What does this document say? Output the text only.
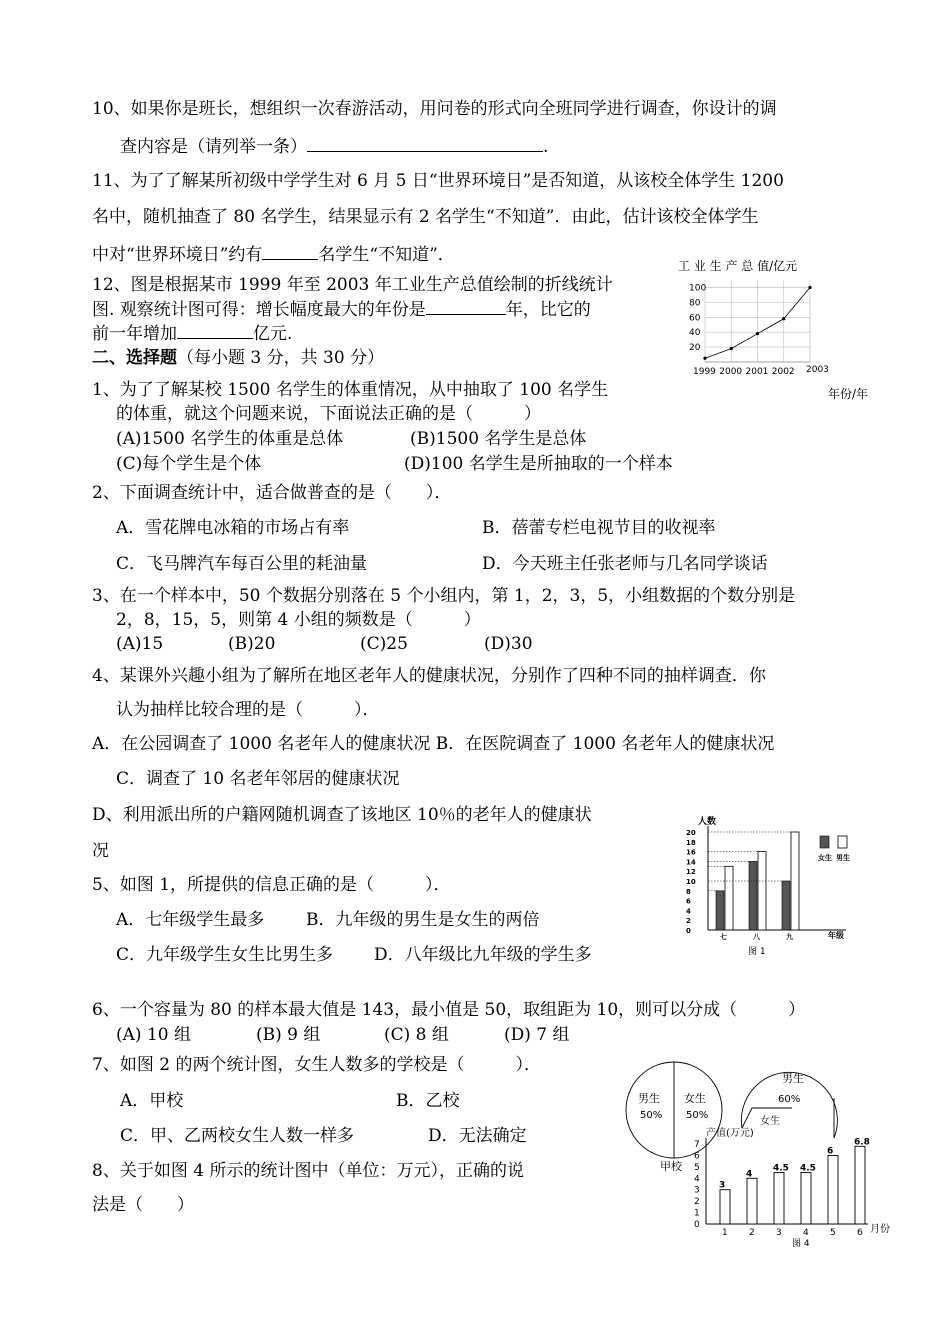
10、如果你是班长，想组织一次春游活动，用问卷的形式向全班同学进行调查，你设计的调
查内容是（请列举一条）	.
11、为了了解某所初级中学学生对 6 月 5 日“世界环境日”是否知道，从该校全体学生 1200
名中，随机抽查了 80 名学生，结果显示有 2 名学生“不知道”．由此，估计该校全体学生
中对“世界环境日”约有	名学生“不知道”．
12、图是根据某市 1999 年至 2003 年工业生产总值绘制的折线统计
图. 观察统计图可得：增长幅度最大的年份是	年，比它的
前一年增加	亿元.
二、选择题（每小题 3 分，共 30 分）
1、为了了解某校 1500 名学生的体重情况，从中抽取了 100 名学生
的体重，就这个问题来说，下面说法正确的是（　　　）
(A)1500 名学生的体重是总体	(B)1500 名学生是总体
(C)每个学生是个体	(D)100 名学生是所抽取的一个样本
2、下面调查统计中，适合做普查的是（　　）．
A．雪花牌电冰箱的市场占有率	B．蓓蕾专栏电视节目的收视率
C．飞马牌汽车每百公里的耗油量	D．今天班主任张老师与几名同学谈话
3、在一个样本中，50 个数据分别落在 5 个小组内，第 1，2，3，5，小组数据的个数分别是
2，8，15，5，则第 4 小组的频数是（　　　）
(A)15	(B)20	(C)25	(D)30
4、某课外兴趣小组为了解所在地区老年人的健康状况，分别作了四种不同的抽样调查．你
认为抽样比较合理的是（　　　）．
A．在公园调查了 1000 名老年人的健康状况 B．在医院调查了 1000 名老年人的健康状况
C．调查了 10 名老年邻居的健康状况
D、利用派出所的户籍网随机调查了该地区 10％的老年人的健康状
况
5、如图 1，所提供的信息正确的是（　　　）．
A．七年级学生最多 B．九年级的男生是女生的两倍
C．九年级学生女生比男生多 D．八年级比九年级的学生多
6、一个容量为 80 的样本最大值是 143，最小值是 50，取组距为 10，则可以分成（　　　）
(A) 10 组	(B) 9 组	(C) 8 组	(D) 7 组
7、如图 2 的两个统计图，女生人数多的学校是（　　　）．
A．甲校	B．乙校
C．甲、乙两校女生人数一样多	D．无法确定
8、关于如图 4 所示的统计图中（单位：万元），正确的说
法是（　　）
工 业 生 产 总 值/亿元
年份/年
1999 2000 2001 2002 2003
20
40
60
80
100
人数
年级
图 1
0
2
4
6
8
10
12
14
16
18
20
七	八	九
女生 男生
男生
50%
女生
50%
甲校
男生
60%
女生
产值(万元)
月份
图 4
0
1
2
3
4
5
6
7
3
1
4
2
4.5
3
4.5
4
6
5
6.8
6
